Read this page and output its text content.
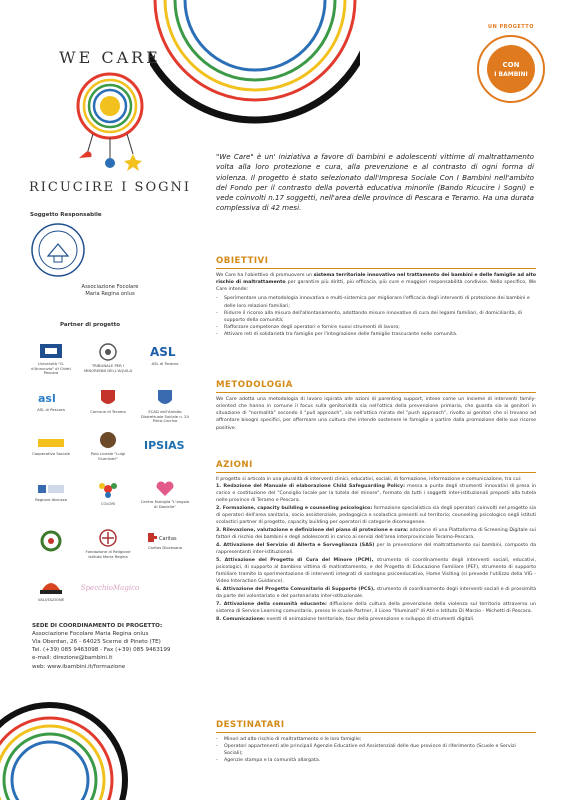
WE CARE
RICUCIRE I SOGNI
UN PROGETTO
CON
I BAMBINI
Soggetto Responsabile
Associazione Focolare
Maria Regina onlus
Partner di progetto
Università "G. d'Annunzio" di Chieti Pescara
TRIBUNALE PER I MINORENNI DELL'AQUILA
ASL
ASL di Teramo
asl
ASL di Pescara	Comune di Teramo	ECAD dell'Ambito Distrettuale Sociale n. 20 Pinto-Carrino
Polo Liceale "Luigi Illuminati"
Cooperativa Sociale
IPSIAS
Regione Abruzzo
COLORI	Centro Famiglia "L'angolo di Danielle"
Fondazione di Religione Istituto Maria Regina
Caritas
Caritas Diocesana
VALUTAZIONE
SpecchioMagico
SEDE DI COORDINAMENTO DI PROGETTO:
Associazione Focolare Maria Regina onlus
Via Oberdan, 26 - 64025 Scerne di Pineto (TE)
Tel. (+39) 085 9463098 - Fax (+39) 085 9463199
e-mail: direzione@bambini.it
web: www.ibambini.it/formazione
"We Care" è un' iniziativa a favore di bambini e adolescenti vittime di maltrattamento volta alla loro protezione e cura, alla prevenzione e al contrasto di ogni forma di violenza. Il progetto è stato selezionato dall'Impresa Sociale Con I Bambini nell'ambito del Fondo per il contrasto della povertà educativa minorile (Bando Ricucire i Sogni) e vede coinvolti n.17 soggetti, nell'area delle province di Pescara e Teramo. Ha una durata complessiva di 42 mesi.
OBIETTIVI

We Care ha l'obiettivo di promuovere un sistema territoriale innovativo nel trattamento dei bambini e delle famiglie ad alto rischio di maltrattamento per garantire più diritti, più efficacia, più cure e maggiori responsabilità condivise. Nello specifico, We Care intende:

- Sperimentare una metodologia innovativa e multi-sistemica per migliorare l'efficacia degli interventi di protezione dei bambini e delle loro relazioni familiari;
- Ridurre il ricorso alla misura dell'allontanamento, adottando misure innovative di cura dei legami familiari, di domiciliarità, di supporto della comunità;
- Rafforzare competenze degli operatori e fornire nuovi strumenti di lavoro;
- Attivare reti di solidarietà tra famiglie per l'integrazione delle famiglie trascurante nelle comunità.
METODOLOGIA

We Care adotta una metodologia di lavoro ispirata alle azioni di parenting support, intese come un insieme di interventi family-oriented che hanno in comune il focus sulla genitorialità sia nell'ottica della prevenzione primaria, che guarda sia ai genitori in situazione di "normalità" secondo il "pull approach", sia nell'ottica mirata del "push approach", rivolto ai genitori che si trovano ad affrontare bisogni specifici, per affermare una cultura che intende sostenere le famiglie a partire dalla promozione delle sue risorse positive.

AZIONI

Il progetto si articola in una pluralità di interventi clinici, educativi, sociali, di formazione, informazione e comunicazione, tra cui:

1. Redazione del Manuale di elaborazione Child Safeguarding Policy: messa a punto degli strumenti innovativi di presa in carico e costituzione del "Consiglio locale per la tutela del minore", formato da tutti i soggetti inter-istituzionali preposti alla tutela nelle province di Teramo e Pescara.
2. Formazione, capacity building e counseling psicologico: formazione specialistica sia degli operatori coinvolti nel progetto sia di operatori dell'area sanitaria, socio assistenziale, pedagogica e scolastica presenti sul territorio; counseling psicologico negli istituti scolastici partner di progetto, capacity building per operatori di categorie disomogenee.
3. Rilevazione, valutazione e definizione del piano di protezione e cura: adozione di una Piattaforma di Screening Digitale sui fattori di rischio dei bambini e degli adolescenti in carico ai servizi dell'area interprovinciale Teramo-Pescara.
4. Attivazione del Servizio di Allerta e Sorveglianza (SAS) per la prevenzione del maltrattamento sui bambini, composto da rappresentanti inter-istituzionali.
5. Attivazione del Progetto di Cura del Minore (PCM), strumento di coordinamento degli interventi sociali, educativi, psicologici, di supporto al bambino vittima di maltrattamento, e del Progetto di Educazione Familiare (PEF), strumento di supporto familiare tramite la sperimentazione di interventi integrati di sostegno psicoeducativo, Home Visiting (si prevede l'utilizzo della VIG - Video Interaction Guidance).
6. Attivazione del Progetto Comunitario di Supporto (PCS), strumento di coordinamento degli interventi sociali e di prossimità da parte del volontariato e del partenariato inter-istituzionale.
7. Attivazione della comunità educante: diffusione della cultura della prevenzione della violenza sul territorio attraverso un sistema di Service Learning comunitario, presso le scuole Partner, il Liceo "Illuminati" di Atri e Istituto Di Marzio - Michetti di Pescara.
8. Comunicazione: eventi di animazione territoriale, tour della prevenzione e sviluppo di strumenti digitali.
DESTINATARI
- Minori ad alto rischio di maltrattamento e le loro famiglie;
- Operatori appartenenti alle principali Agenzie Educative ed Assistenziali delle due province di riferimento (Scuole e Servizi Sociali);
- Agenzie stampa e la comunità allargata.
